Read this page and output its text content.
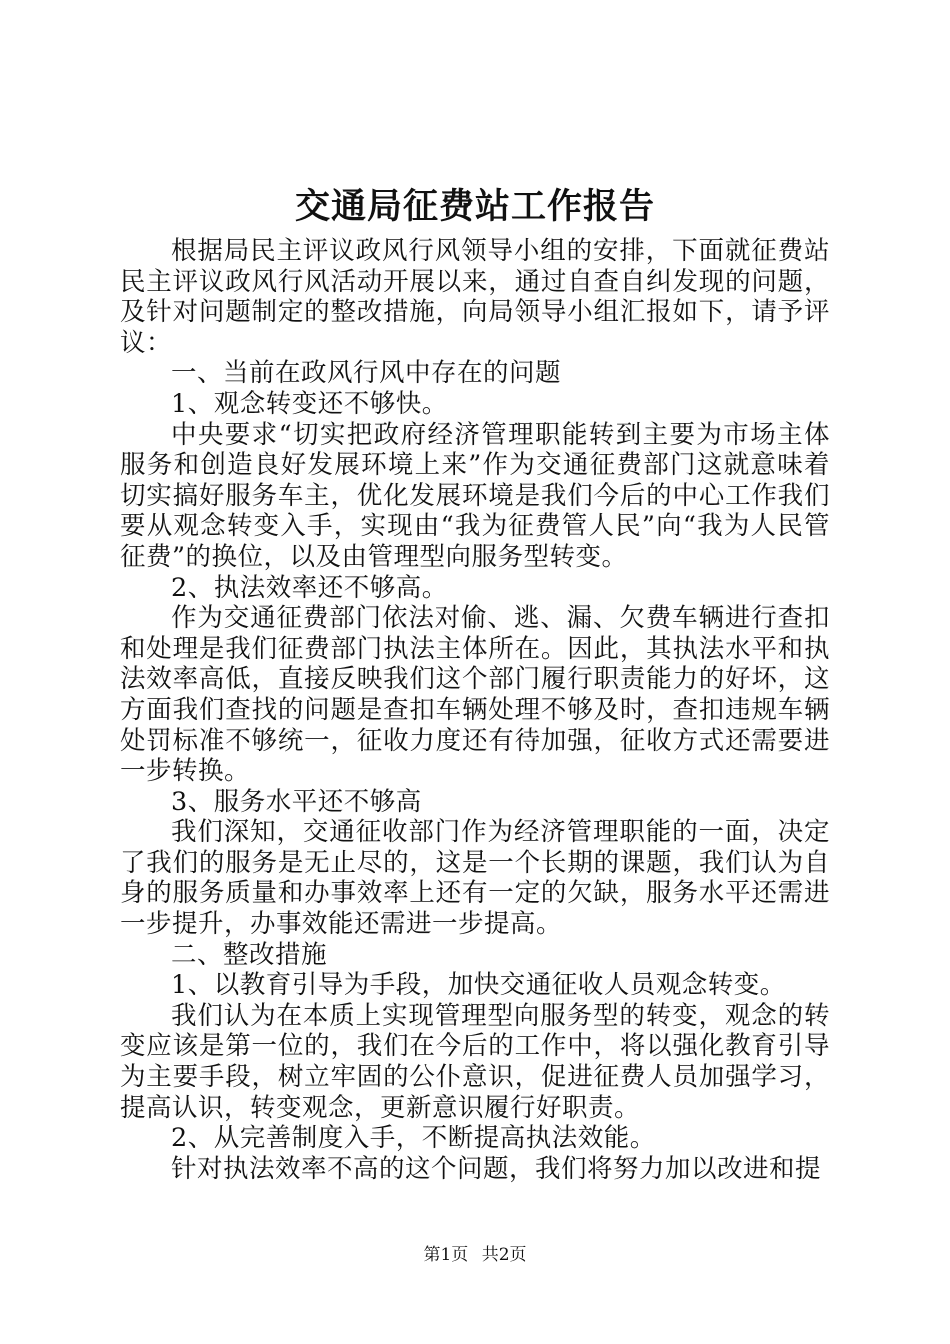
交通局征费站工作报告

根据局民主评议政风行风领导小组的安排，下面就征费站民主评议政风行风活动开展以来，通过自查自纠发现的问题，及针对问题制定的整改措施，向局领导小组汇报如下，请予评议：

一、当前在政风行风中存在的问题

1、观念转变还不够快。

中央要求“切实把政府经济管理职能转到主要为市场主体服务和创造良好发展环境上来”作为交通征费部门这就意味着切实搞好服务车主，优化发展环境是我们今后的中心工作我们要从观念转变入手，实现由“我为征费管人民”向“我为人民管征费”的换位，以及由管理型向服务型转变。

2、执法效率还不够高。

作为交通征费部门依法对偷、逃、漏、欠费车辆进行查扣和处理是我们征费部门执法主体所在。因此，其执法水平和执法效率高低，直接反映我们这个部门履行职责能力的好坏，这方面我们查找的问题是查扣车辆处理不够及时，查扣违规车辆处罚标准不够统一，征收力度还有待加强，征收方式还需要进一步转换。

3、服务水平还不够高

我们深知，交通征收部门作为经济管理职能的一面，决定了我们的服务是无止尽的，这是一个长期的课题，我们认为自身的服务质量和办事效率上还有一定的欠缺，服务水平还需进一步提升，办事效能还需进一步提高。

二、整改措施

1、以教育引导为手段，加快交通征收人员观念转变。

我们认为在本质上实现管理型向服务型的转变，观念的转变应该是第一位的，我们在今后的工作中，将以强化教育引导为主要手段，树立牢固的公仆意识，促进征费人员加强学习，提高认识，转变观念，更新意识履行好职责。

2、从完善制度入手，不断提高执法效能。

针对执法效率不高的这个问题，我们将努力加以改进和提

第1页 共2页
